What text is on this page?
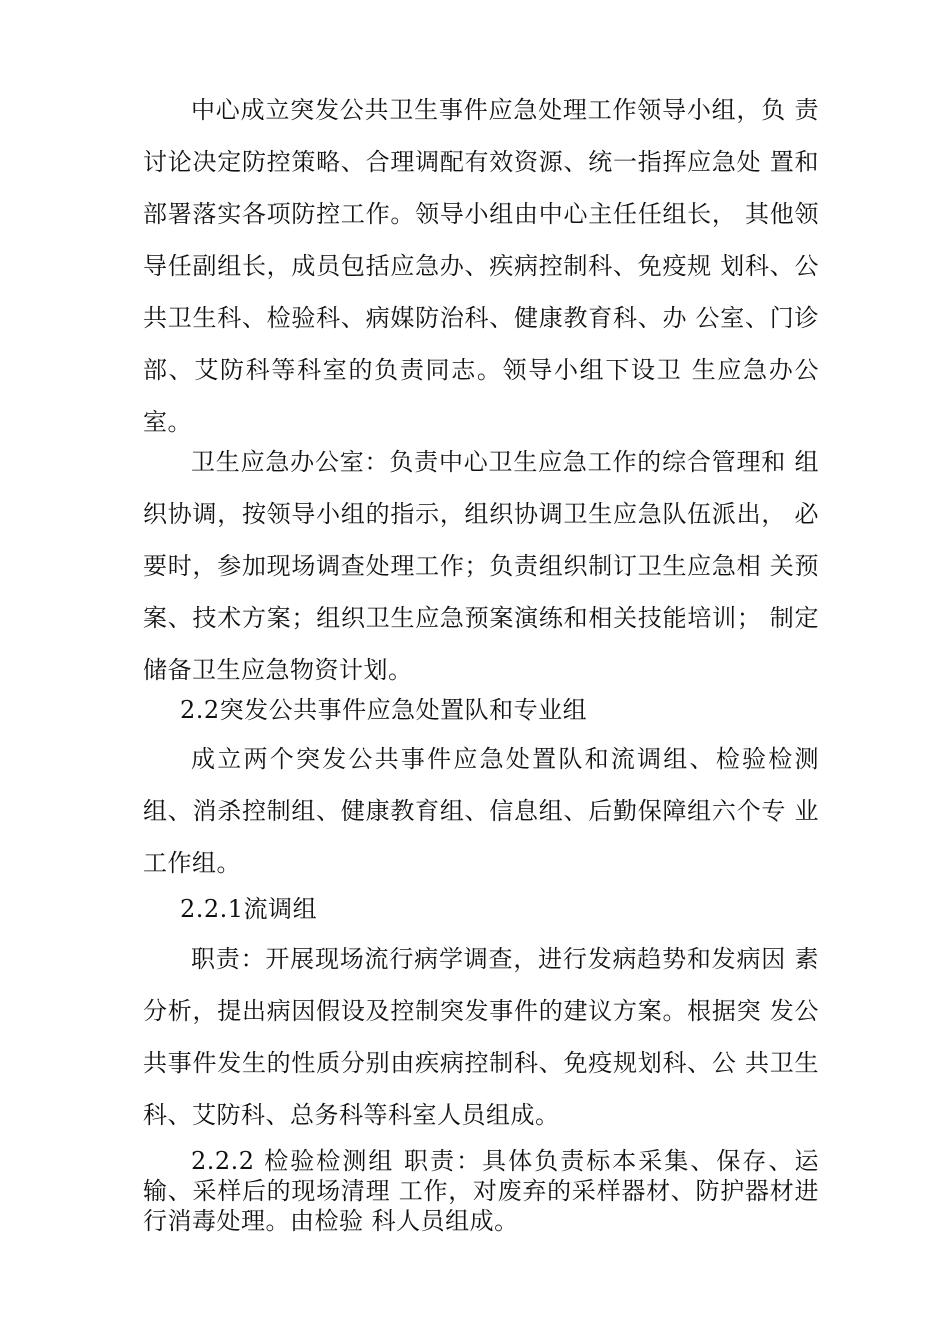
中心成立突发公共卫生事件应急处理工作领导小组，负 责讨论决定防控策略、合理调配有效资源、统一指挥应急处 置和部署落实各项防控工作。领导小组由中心主任任组长， 其他领导任副组长，成员包括应急办、疾病控制科、免疫规 划科、公共卫生科、检验科、病媒防治科、健康教育科、办 公室、门诊部、艾防科等科室的负责同志。领导小组下设卫 生应急办公室。

卫生应急办公室：负责中心卫生应急工作的综合管理和 组织协调，按领导小组的指示，组织协调卫生应急队伍派出， 必要时，参加现场调查处理工作；负责组织制订卫生应急相 关预案、技术方案；组织卫生应急预案演练和相关技能培训； 制定储备卫生应急物资计划。

2.2突发公共事件应急处置队和专业组

成立两个突发公共事件应急处置队和流调组、检验检测组、消杀控制组、健康教育组、信息组、后勤保障组六个专 业工作组。

2.2.1流调组

职责：开展现场流行病学调查，进行发病趋势和发病因 素分析，提出病因假设及控制突发事件的建议方案。根据突 发公共事件发生的性质分别由疾病控制科、免疫规划科、公 共卫生科、艾防科、总务科等科室人员组成。

2.2.2 检验检测组 职责：具体负责标本采集、保存、运输、采样后的现场清理 工作，对废弃的采样器材、防护器材进行消毒处理。由检验 科人员组成。
